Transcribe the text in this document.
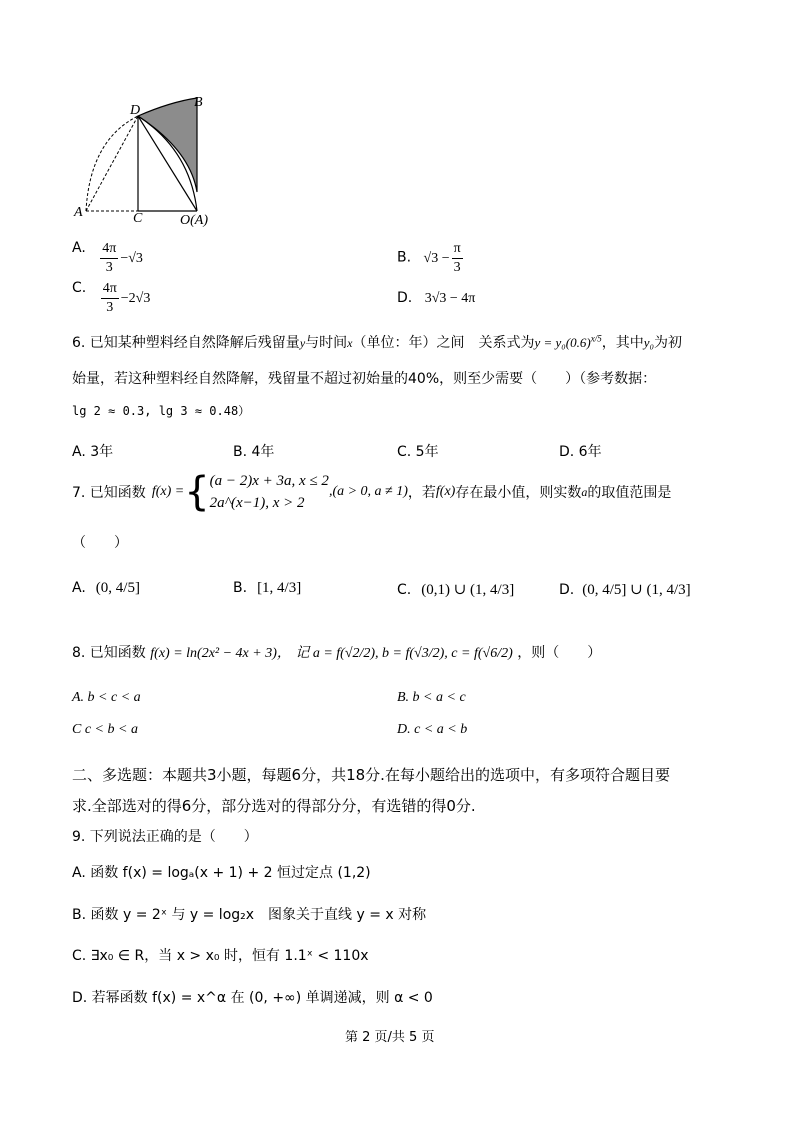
D
B
A	C	O(A)
A. $\frac{4\pi}{3} -√3$	B. $√3 - \frac{\pi}{3}$
C. $\frac{4\pi}{3} -2√3$	D. 3√3 − 4π
6. 已知某种塑料经自然降解后残留量y与时间x（单位：年）之间　关系式为$y = y_0(0.6)^{x/5}$，其中y₀为初
始量，若这种塑料经自然降解，残留量不超过初始量的40%，则至少需要（　　）（参考数据：
lg 2 ≈ 0.3, lg 3 ≈ 0.48）
A. 3年	B. 4年	C. 5年	D. 6年
7. 已知函数 f(x) = { (a − 2)x + 3a, x ≤ 2
2a^(x−1), x > 2
,(a > 0, a ≠ 1) ，若 f(x) 存在最小值，则实数 a 的取值范围是
（　　）
A. (0, 4/5]	B. [1, 4/3]	C. (0,1) ∪ (1, 4/3]	D. (0, 4/5] ∪ (1, 4/3]
8. 已知函数 f(x) = ln(2x² − 4x + 3)， 记 a = f(√2/2), b = f(√3/2), c = f(√6/2) ，则（　　）
A. b < c < a	B. b < a < c
C c < b < a	D. c < a < b
二、多选题：本题共3小题，每题6分，共18分.在每小题给出的选项中，有多项符合题目要
求.全部选对的得6分，部分选对的得部分分，有选错的得0分.
9. 下列说法正确的是（　　）
A. 函数 f(x) = logₐ(x + 1) + 2 恒过定点 (1,2)
B. 函数 y = 2ˣ 与 y = log₂x　图象关于直线 y = x 对称
C. ∃x₀ ∈ R，当 x > x₀ 时，恒有 1.1ˣ < 110x
D. 若幂函数 f(x) = x^α 在 (0, +∞) 单调递减，则 α < 0
第 2 页/共 5 页
